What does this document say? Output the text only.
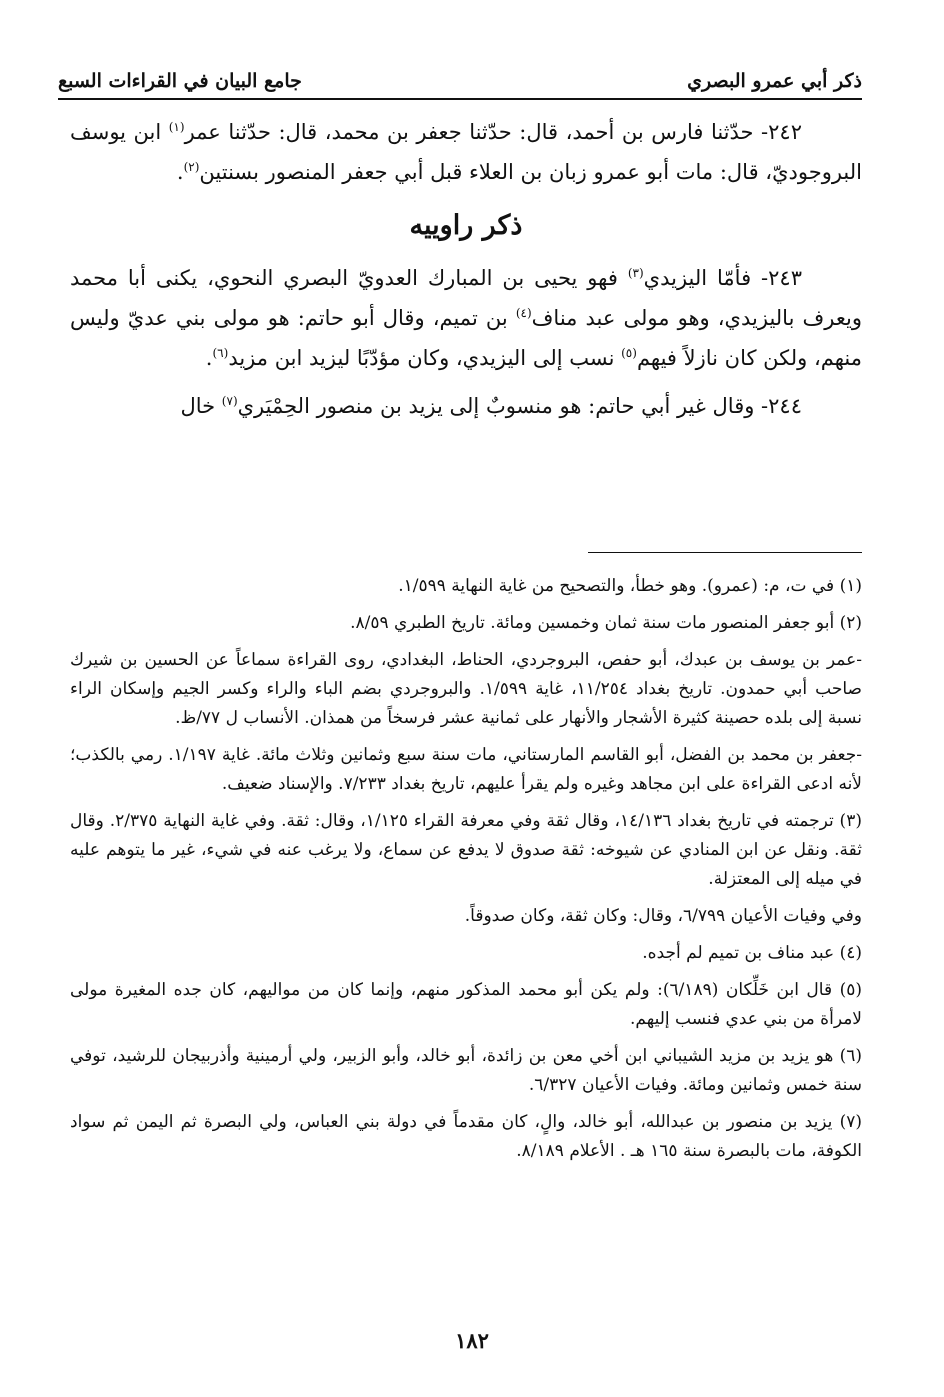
ذكر أبي عمرو البصري
جامع البيان في القراءات السبع

٢٤٢- حدّثنا فارس بن أحمد، قال: حدّثنا جعفر بن محمد، قال: حدّثنا عمر$^{(١)}$ ابن يوسف البروجوديّ، قال: مات أبو عمرو زبان بن العلاء قبل أبي جعفر المنصور بسنتين$^{(٢)}$.

ذكر راوييه

٢٤٣- فأمّا اليزيدي$^{(٣)}$ فهو يحيى بن المبارك العدويّ البصري النحوي، يكنى أبا محمد ويعرف باليزيدي، وهو مولى عبد مناف$^{(٤)}$ بن تميم، وقال أبو حاتم: هو مولى بني عديّ وليس منهم، ولكن كان نازلاً فيهم$^{(٥)}$ نسب إلى اليزيدي، وكان مؤدّبًا ليزيد ابن مزيد$^{(٦)}$.

٢٤٤- وقال غير أبي حاتم: هو منسوبٌ إلى يزيد بن منصور الحِمْيَري$^{(٧)}$ خال

(١) في ت، م: (عمرو). وهو خطأ، والتصحيح من غاية النهاية ١/٥٩٩.

(٢) أبو جعفر المنصور مات سنة ثمان وخمسين ومائة. تاريخ الطبري ٨/٥٩.

-عمر بن يوسف بن عبدك، أبو حفص، البروجردي، الحناط، البغدادي، روى القراءة سماعاً عن الحسين بن شيرك صاحب أبي حمدون. تاريخ بغداد ١١/٢٥٤، غاية ١/٥٩٩. والبروجردي بضم الباء والراء وكسر الجيم وإسكان الراء نسبة إلى بلده حصينة كثيرة الأشجار والأنهار على ثمانية عشر فرسخاً من همذان. الأنساب ل ٧٧/ظ.

-جعفر بن محمد بن الفضل، أبو القاسم المارستاني، مات سنة سبع وثمانين وثلاث مائة. غاية ١/١٩٧. رمي بالكذب؛ لأنه ادعى القراءة على ابن مجاهد وغيره ولم يقرأ عليهم، تاريخ بغداد ٧/٢٣٣. والإسناد ضعيف.

(٣) ترجمته في تاريخ بغداد ١٤/١٣٦، وقال ثقة وفي معرفة القراء ١/١٢٥، وقال: ثقة. وفي غاية النهاية ٢/٣٧٥. وقال ثقة. ونقل عن ابن المنادي عن شيوخه: ثقة صدوق لا يدفع عن سماع، ولا يرغب عنه في شيء، غير ما يتوهم عليه في ميله إلى المعتزلة.

وفي وفيات الأعيان ٦/٧٩٩، وقال: وكان ثقة، وكان صدوقاً.

(٤) عبد مناف بن تميم لم أجده.

(٥) قال ابن خَلِّكان (٦/١٨٩): ولم يكن أبو محمد المذكور منهم، وإنما كان من مواليهم، كان جده المغيرة مولى لامرأة من بني عدي فنسب إليهم.

(٦) هو يزيد بن مزيد الشيباني ابن أخي معن بن زائدة، أبو خالد، وأبو الزبير، ولي أرمينية وأذربيجان للرشيد، توفي سنة خمس وثمانين ومائة. وفيات الأعيان ٦/٣٢٧.

(٧) يزيد بن منصور بن عبدالله، أبو خالد، والٍ، كان مقدماً في دولة بني العباس، ولي البصرة ثم اليمن ثم سواد الكوفة، مات بالبصرة سنة ١٦٥ هـ . الأعلام ٨/١٨٩.

١٨٢
